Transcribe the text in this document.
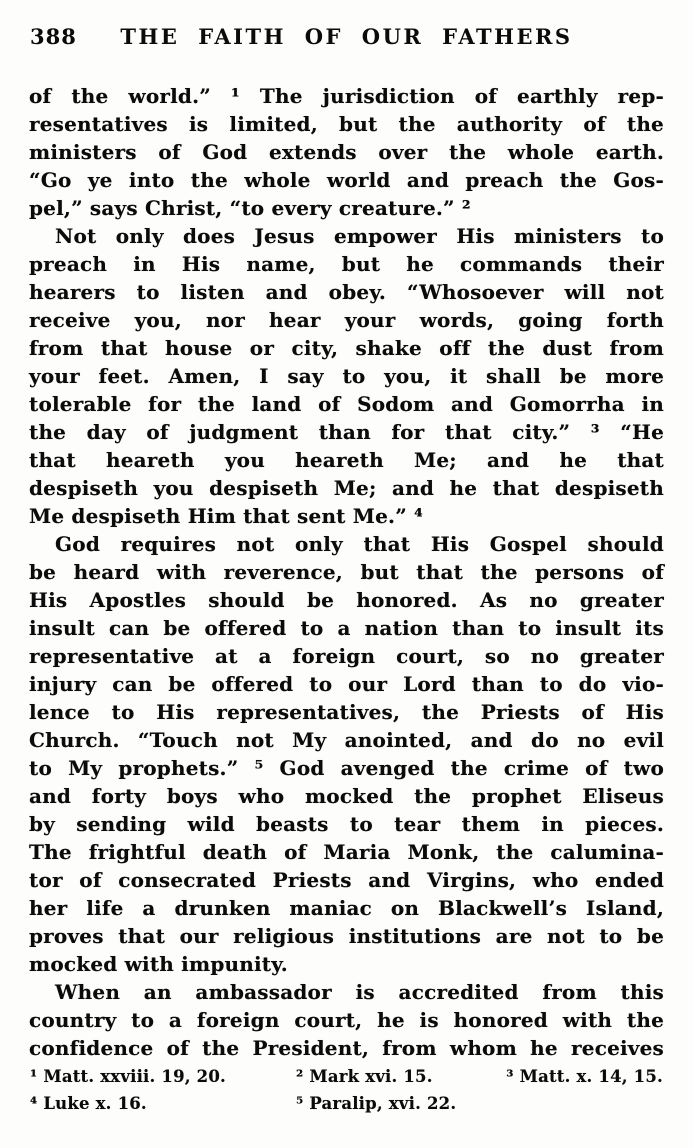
388	THE FAITH OF OUR FATHERS
of the world.” ¹ The jurisdiction of earthly rep-
resentatives is limited, but the authority of the
ministers of God extends over the whole earth.
“Go ye into the whole world and preach the Gos-
pel,” says Christ, “to every creature.” ²
Not only does Jesus empower His ministers to
preach in His name, but he commands their
hearers to listen and obey. “Whosoever will not
receive you, nor hear your words, going forth
from that house or city, shake off the dust from
your feet. Amen, I say to you, it shall be more
tolerable for the land of Sodom and Gomorrha in
the day of judgment than for that city.” ³ “He
that heareth you heareth Me; and he that
despiseth you despiseth Me; and he that despiseth
Me despiseth Him that sent Me.” ⁴
God requires not only that His Gospel should
be heard with reverence, but that the persons of
His Apostles should be honored. As no greater
insult can be offered to a nation than to insult its
representative at a foreign court, so no greater
injury can be offered to our Lord than to do vio-
lence to His representatives, the Priests of His
Church. “Touch not My anointed, and do no evil
to My prophets.” ⁵ God avenged the crime of two
and forty boys who mocked the prophet Eliseus
by sending wild beasts to tear them in pieces.
The frightful death of Maria Monk, the calumina-
tor of consecrated Priests and Virgins, who ended
her life a drunken maniac on Blackwell’s Island,
proves that our religious institutions are not to be
mocked with impunity.
When an ambassador is accredited from this
country to a foreign court, he is honored with the
confidence of the President, from whom he receives
¹ Matt. xxviii. 19, 20.	² Mark xvi. 15.	³ Matt. x. 14, 15.
⁴ Luke x. 16.	⁵ Paralip, xvi. 22.
